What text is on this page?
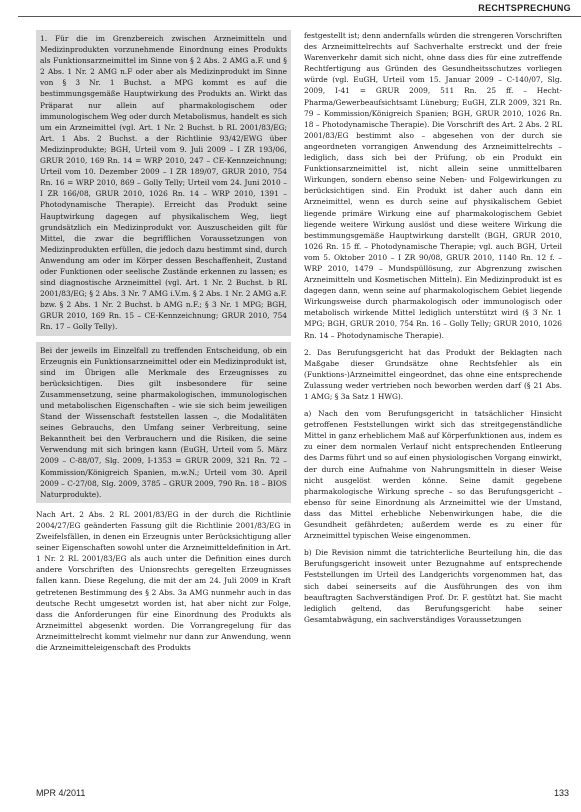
RECHTSPRECHUNG

1. Für die im Grenzbereich zwischen Arzneimitteln und Medizinprodukten vorzunehmende Einordnung eines Produkts als Funktionsarzneimittel im Sinne von § 2 Abs. 2 AMG a.F. und § 2 Abs. 1 Nr. 2 AMG n.F oder aber als Medizinprodukt im Sinne von § 3 Nr. 1 Buchst. a MPG kommt es auf die bestimmungsgemäße Hauptwirkung des Produkts an. Wirkt das Präparat nur allein auf pharmakologischem oder immunologischem Weg oder durch Metabolismus, handelt es sich um ein Arzneimittel (vgl. Art. 1 Nr. 2 Buchst. b RL 2001/83/EG; Art. 1 Abs. 2 Buchst. a der Richtlinie 93/42/EWG über Medizinprodukte; BGH, Urteil vom 9. Juli 2009 – I ZR 193/06, GRUR 2010, 169 Rn. 14 = WRP 2010, 247 – CE-Kennzeichnung; Urteil vom 10. Dezember 2009 – I ZR 189/07, GRUR 2010, 754 Rn. 16 = WRP 2010, 869 – Golly Telly; Urteil vom 24. Juni 2010 – I ZR 166/08, GRUR 2010, 1026 Rn. 14 – WRP 2010, 1391 – Photodynamische Therapie). Erreicht das Produkt seine Hauptwirkung dagegen auf physikalischem Weg, liegt grundsätzlich ein Medizinprodukt vor. Auszuscheiden gilt für Mittel, die zwar die begrifflichen Voraussetzungen von Medizinprodukten erfüllen, die jedoch dazu bestimmt sind, durch Anwendung am oder im Körper dessen Beschaffenheit, Zustand oder Funktionen oder seelische Zustände erkennen zu lassen; es sind diagnostische Arzneimittel (vgl. Art. 1 Nr. 2 Buchst. b RL 2001/83/EG; § 2 Abs. 3 Nr. 7 AMG i.V.m. § 2 Abs. 1 Nr. 2 AMG a.F. bzw. § 2 Abs. 1 Nr. 2 Buchst. b AMG n.F.; § 3 Nr. 1 MPG; BGH, GRUR 2010, 169 Rn. 15 – CE-Kennzeichnung; GRUR 2010, 754 Rn. 17 – Golly Telly).

Bei der jeweils im Einzelfall zu treffenden Entscheidung, ob ein Erzeugnis ein Funktionsarzneimittel oder ein Medizinprodukt ist, sind im Übrigen alle Merkmale des Erzeugnisses zu berücksichtigen. Dies gilt insbesondere für seine Zusammensetzung, seine pharmakologischen, immunologischen und metabolischen Eigenschaften – wie sie sich beim jeweiligen Stand der Wissenschaft feststellen lassen –, die Modalitäten seines Gebrauchs, den Umfang seiner Verbreitung, seine Bekanntheit bei den Verbrauchern und die Risiken, die seine Verwendung mit sich bringen kann (EuGH, Urteil vom 5. März 2009 – C-88/07, Slg. 2009, I-1353 = GRUR 2009, 321 Rn. 72 – Kommission/Königreich Spanien, m.w.N.; Urteil vom 30. April 2009 – C-27/08, Slg. 2009, 3785 – GRUR 2009, 790 Rn. 18 – BIOS Naturprodukte).

Nach Art. 2 Abs. 2 RL 2001/83/EG in der durch die Richtlinie 2004/27/EG geänderten Fassung gilt die Richtlinie 2001/83/EG in Zweifelsfällen, in denen ein Erzeugnis unter Berücksichtigung aller seiner Eigenschaften sowohl unter die Arzneimitteldefinition in Art. 1 Nr. 2 RL 2001/83/EG als auch unter die Definition eines durch andere Vorschriften des Unionsrechts geregelten Erzeugnisses fallen kann. Diese Regelung, die mit der am 24. Juli 2009 in Kraft getretenen Bestimmung des § 2 Abs. 3a AMG nunmehr auch in das deutsche Recht umgesetzt worden ist, hat aber nicht zur Folge, dass die Anforderungen für eine Einordnung des Produkts als Arzneimittel abgesenkt worden. Die Vorrangregelung für das Arzneimittelrecht kommt vielmehr nur dann zur Anwendung, wenn die Arzneimitteleigenschaft des Produkts

festgestellt ist; denn andernfalls würden die strengeren Vorschriften des Arzneimittelrechts auf Sachverhalte erstreckt und der freie Warenverkehr damit sich nicht, ohne dass dies für eine zutreffende Rechtfertigung aus Gründen des Gesundheitsschutzes vorliegen würde (vgl. EuGH, Urteil vom 15. Januar 2009 – C-140/07, Slg. 2009, I-41 = GRUR 2009, 511 Rn. 25 ff. – Hecht-Pharma/Gewerbeaufsichtsamt Lüneburg; EuGH, ZLR 2009, 321 Rn. 79 – Kommission/Königreich Spanien; BGH, GRUR 2010, 1026 Rn. 18 – Photodynamische Therapie). Die Vorschrift des Art. 2 Abs. 2 RL 2001/83/EG bestimmt also – abgesehen von der durch sie angeordneten vorrangigen Anwendung des Arzneimittelrechts – lediglich, dass sich bei der Prüfung, ob ein Produkt ein Funktionsarzneimittel ist, nicht allein seine unmittelbaren Wirkungen, sondern ebenso seine Neben- und Folgewirkungen zu berücksichtigen sind. Ein Produkt ist daher auch dann ein Arzneimittel, wenn es durch seine auf physikalischem Gebiet liegende primäre Wirkung eine auf pharmakologischem Gebiet liegende weitere Wirkung auslöst und diese weitere Wirkung die bestimmungsgemäße Hauptwirkung darstellt (BGH, GRUR 2010, 1026 Rn. 15 ff. – Photodynamische Therapie; vgl. auch BGH, Urteil vom 5. Oktober 2010 – I ZR 90/08, GRUR 2010, 1140 Rn. 12 f. – WRP 2010, 1479 – Mundspüllösung, zur Abgrenzung zwischen Arzneimitteln und Kosmetischen Mitteln). Ein Medizinprodukt ist es dagegen dann, wenn seine auf pharmakologischem Gebiet liegende Wirkungsweise durch pharmakologisch oder immunologisch oder metabolisch wirkende Mittel lediglich unterstützt wird (§ 3 Nr. 1 MPG; BGH, GRUR 2010, 754 Rn. 16 – Golly Telly; GRUR 2010, 1026 Rn. 14 – Photodynamische Therapie).

2. Das Berufungsgericht hat das Produkt der Beklagten nach Maßgabe dieser Grundsätze ohne Rechtsfehler als ein (Funktions-)Arzneimittel eingeordnet, das ohne eine entsprechende Zulassung weder vertrieben noch beworben werden darf (§ 21 Abs. 1 AMG; § 3a Satz 1 HWG).

a) Nach den vom Berufungsgericht in tatsächlicher Hinsicht getroffenen Feststellungen wirkt sich das streitgegenständliche Mittel in ganz erheblichem Maß auf Körperfunktionen aus, indem es zu einer dem normalen Verlauf nicht entsprechenden Entleerung des Darms führt und so auf einen physiologischen Vorgang einwirkt, der durch eine Aufnahme von Nahrungsmitteln in dieser Weise nicht ausgelöst werden könne. Seine damit gegebene pharmakologische Wirkung spreche – so das Berufungsgericht – ebenso für seine Einordnung als Arzneimittel wie der Umstand, dass das Mittel erhebliche Nebenwirkungen habe, die die Gesundheit gefährdeten; außerdem werde es zu einer für Arzneimittel typischen Weise eingenommen.

b) Die Revision nimmt die tatrichterliche Beurteilung hin, die das Berufungsgericht insoweit unter Bezugnahme auf entsprechende Feststellungen im Urteil des Landgerichts vorgenommen hat, das sich dabei seinerseits auf die Ausführungen des von ihm beauftragten Sachverständigen Prof. Dr. F. gestützt hat. Sie macht lediglich geltend, das Berufungsgericht habe seiner Gesamtabwägung, ein sachverständiges Voraussetzungen

MPR 4/2011	133
